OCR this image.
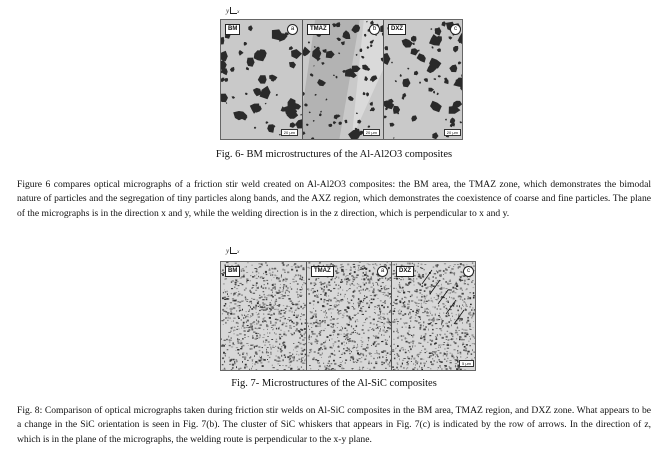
y x
BM	a
20 μm
TMAZ	b
20 μm
DXZ	c
20 μm
Fig. 6- BM microstructures of the Al-Al2O3 composites
Figure 6 compares optical micrographs of a friction stir weld created on Al-Al2O3 composites: the BM area, the TMAZ zone, which demonstrates the bimodal nature of particles and the segregation of tiny particles along bands, and the AXZ region, which demonstrates the coexistence of coarse and fine particles. The plane of the micrographs is in the direction x and y, while the welding direction is in the z direction, which is perpendicular to x and y.
y x
BM	TMAZ	a	DXZ	c
5 μm
Fig. 7- Microstructures of the Al-SiC composites
Fig. 8: Comparison of optical micrographs taken during friction stir welds on Al-SiC composites in the BM area, TMAZ region, and DXZ zone. What appears to be a change in the SiC orientation is seen in Fig. 7(b). The cluster of SiC whiskers that appears in Fig. 7(c) is indicated by the row of arrows. In the direction of z, which is in the plane of the micrographs, the welding route is perpendicular to the x-y plane.
